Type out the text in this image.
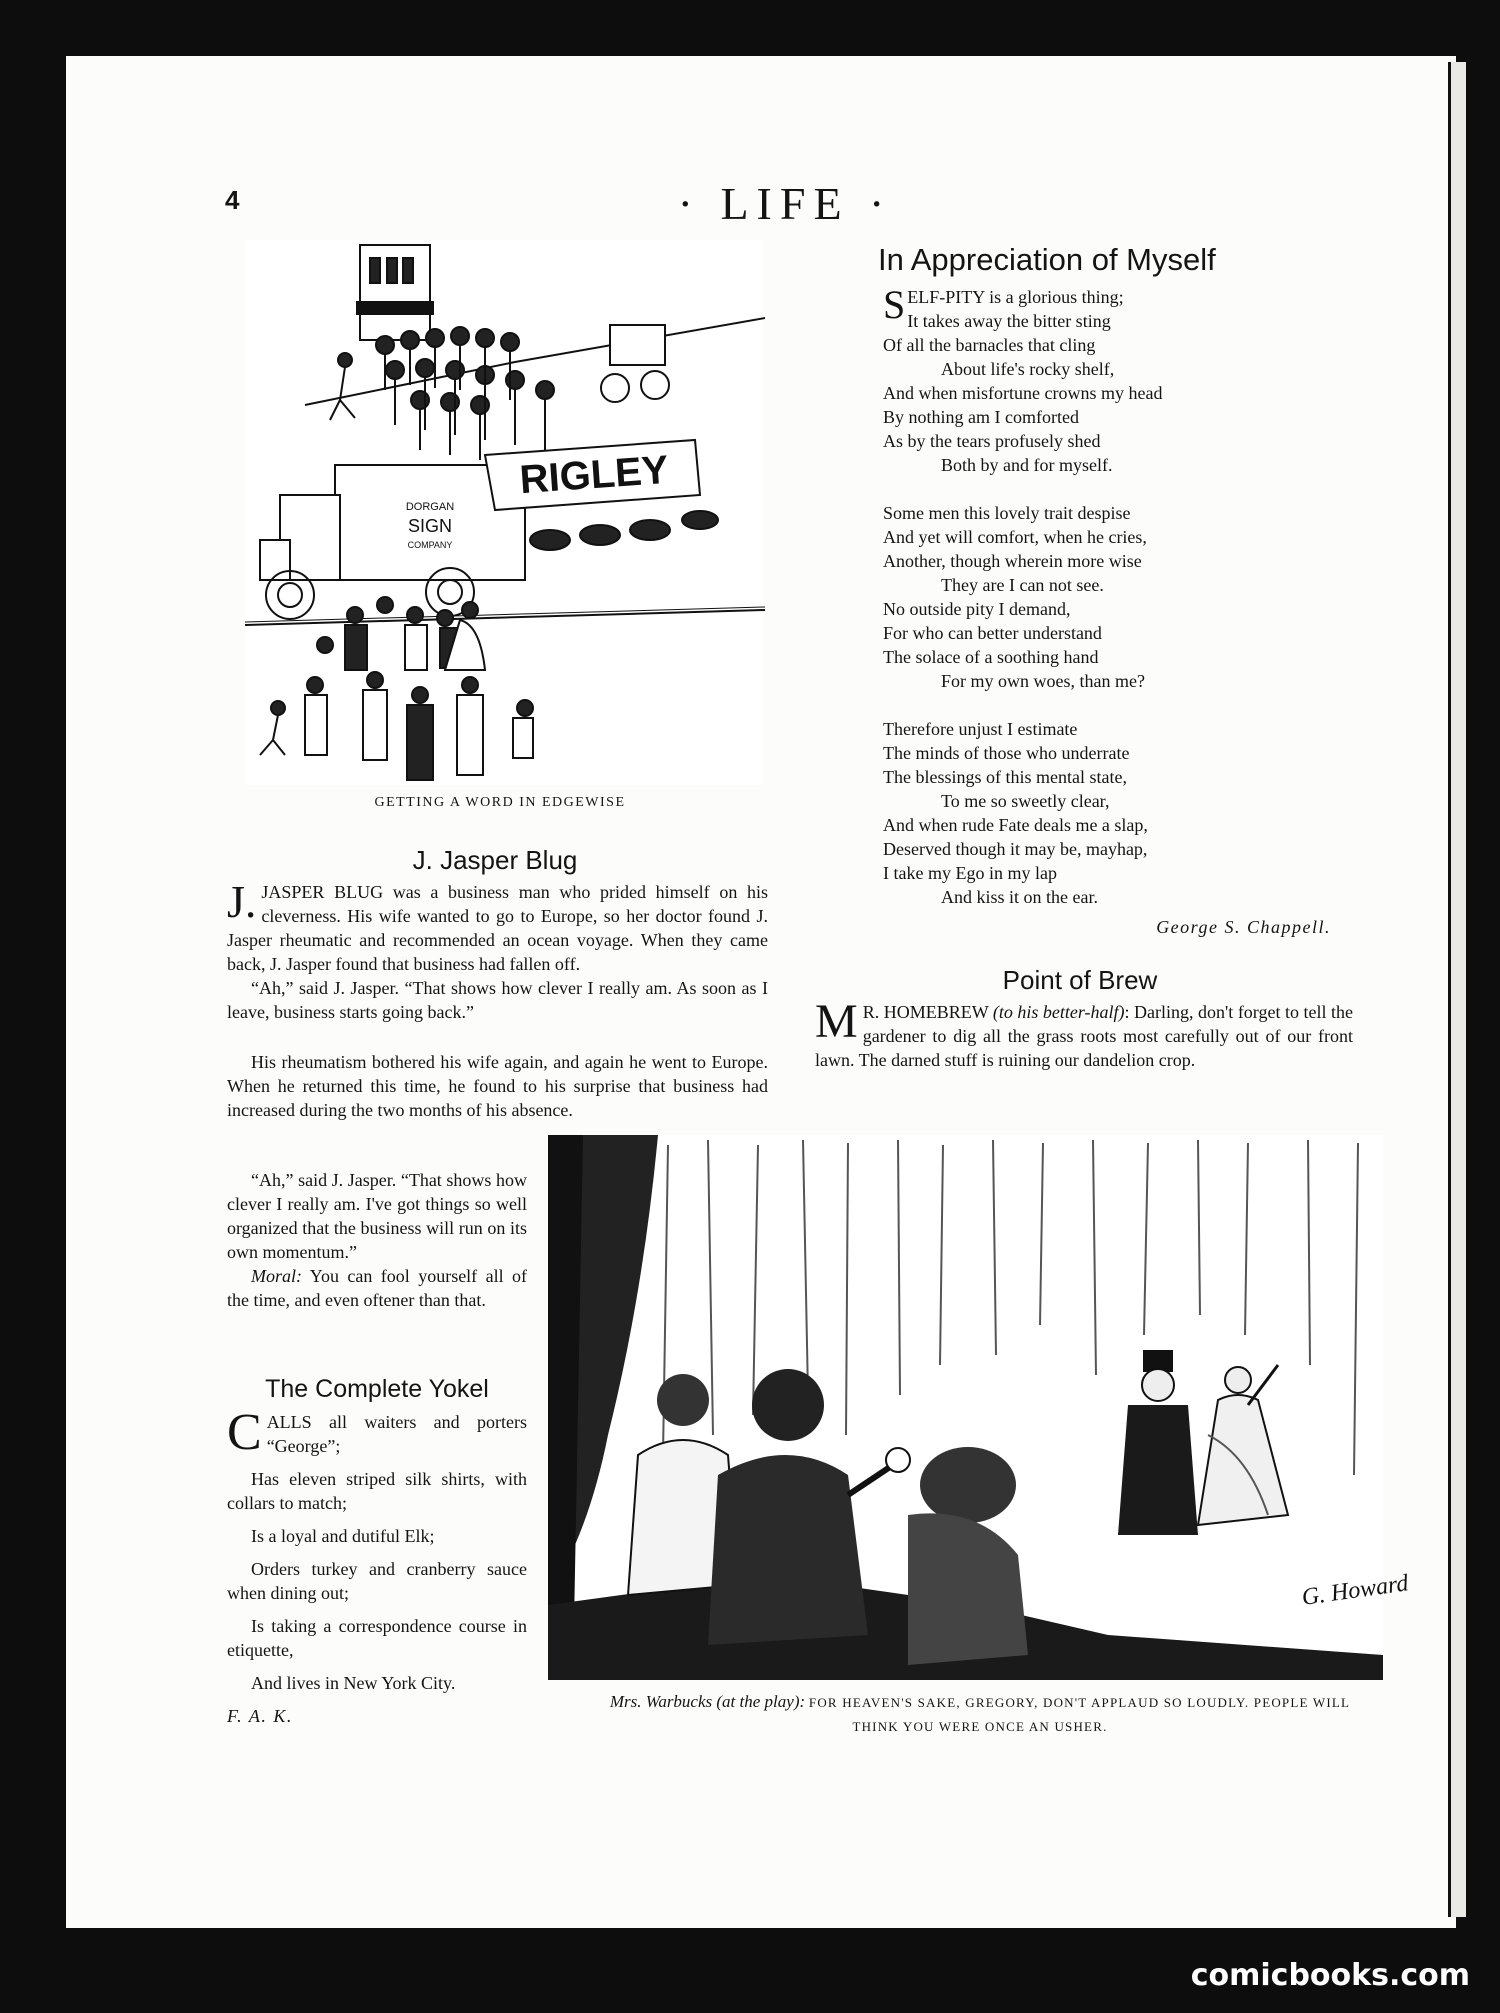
4	· LIFE ·
DORGAN
SIGN
COMPANY
RIGLEY
GETTING A WORD IN EDGEWISE
J. Jasper Blug

J. JASPER BLUG was a business man who prided himself on his cleverness. His wife wanted to go to Europe, so her doctor found J. Jasper rheumatic and recommended an ocean voyage. When they came back, J. Jasper found that business had fallen off.

“Ah,” said J. Jasper. “That shows how clever I really am. As soon as I leave, business starts going back.”

His rheumatism bothered his wife again, and again he went to Europe. When he returned this time, he found to his surprise that business had increased during the two months of his absence.

“Ah,” said J. Jasper. “That shows how clever I really am. I've got things so well organized that the business will run on its own momentum.”

Moral: You can fool yourself all of the time, and even oftener than that.

The Complete Yokel

CALLS all waiters and porters “George”;

Has eleven striped silk shirts, with collars to match;

Is a loyal and dutiful Elk;

Orders turkey and cranberry sauce when dining out;

Is taking a correspondence course in etiquette,

And lives in New York City.

F. A. K.

In Appreciation of Myself
SELF-PITY is a glorious thing;
It takes away the bitter sting
Of all the barnacles that cling
About life's rocky shelf,
And when misfortune crowns my head
By nothing am I comforted
As by the tears profusely shed
Both by and for myself.
Some men this lovely trait despise
And yet will comfort, when he cries,
Another, though wherein more wise
They are I can not see.
No outside pity I demand,
For who can better understand
The solace of a soothing hand
For my own woes, than me?
Therefore unjust I estimate
The minds of those who underrate
The blessings of this mental state,
To me so sweetly clear,
And when rude Fate deals me a slap,
Deserved though it may be, mayhap,
I take my Ego in my lap
And kiss it on the ear.
George S. Chappell.
Point of Brew

M R. HOMEBREW (to his better-half): Darling, don't forget to tell the gardener to dig all the grass roots most carefully out of our front lawn. The darned stuff is ruining our dandelion crop.

G. Howard
Mrs. Warbucks (at the play): FOR HEAVEN'S SAKE, GREGORY, DON'T APPLAUD SO LOUDLY. PEOPLE WILL THINK YOU WERE ONCE AN USHER.
comicbooks.com
